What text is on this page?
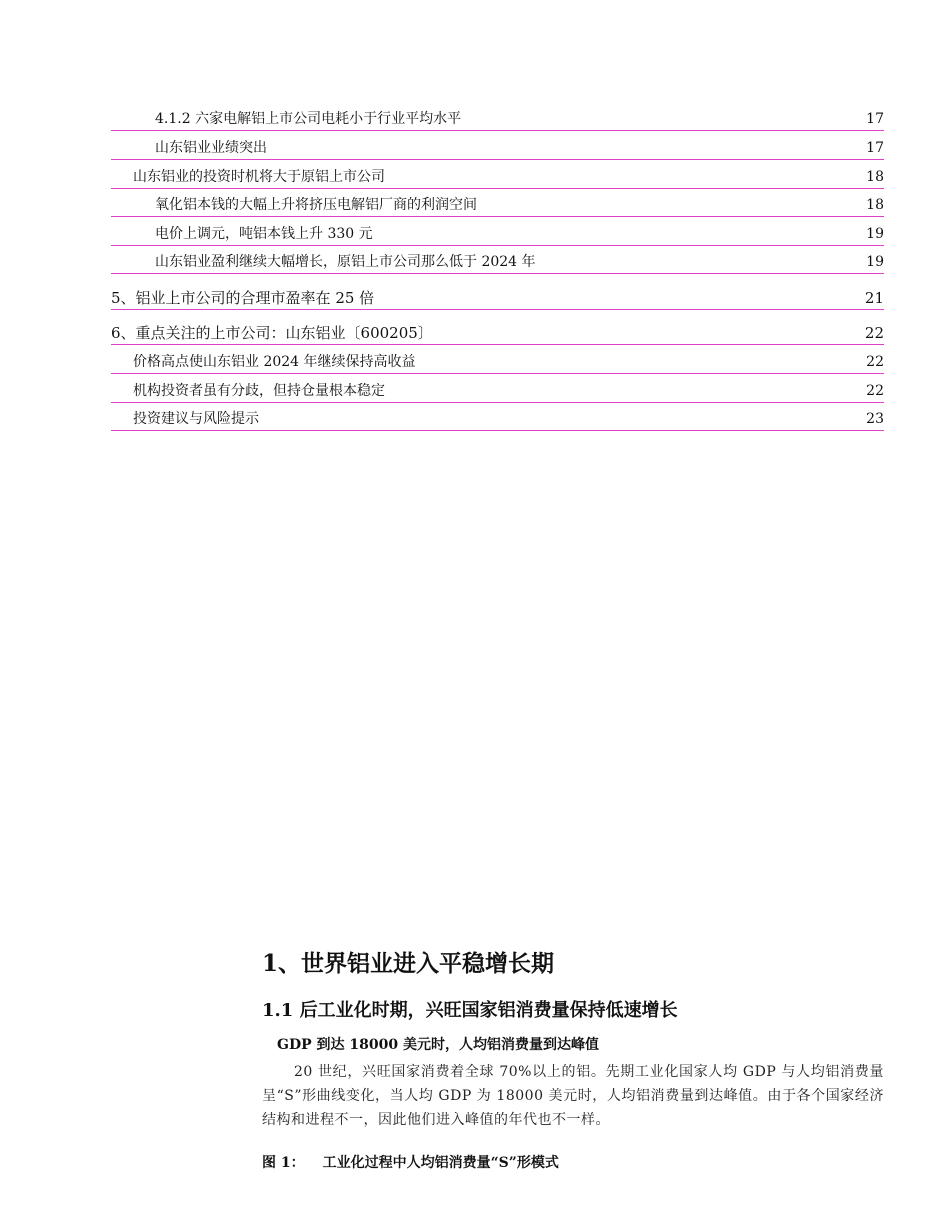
4.1.2 六家电解铝上市公司电耗小于行业平均水平	17
山东铝业业绩突出	17
山东铝业的投资时机将大于原铝上市公司	18
氧化铝本钱的大幅上升将挤压电解铝厂商的利润空间	18
电价上调元，吨铝本钱上升 330 元	19
山东铝业盈利继续大幅增长，原铝上市公司那么低于 2024 年	19
5、铝业上市公司的合理市盈率在 25 倍	21
6、重点关注的上市公司：山东铝业〔600205〕	22
价格高点使山东铝业 2024 年继续保持高收益	22
机构投资者虽有分歧，但持仓量根本稳定	22
投资建议与风险提示	23
1、世界铝业进入平稳增长期
1.1 后工业化时期，兴旺国家铝消费量保持低速增长
GDP 到达 18000 美元时，人均铝消费量到达峰值
20 世纪，兴旺国家消费着全球 70%以上的铝。先期工业化国家人均 GDP 与人均铝消费量呈“S”形曲线变化，当人均 GDP 为 18000 美元时，人均铝消费量到达峰值。由于各个国家经济结构和进程不一，因此他们进入峰值的年代也不一样。
图 1： 工业化过程中人均铝消费量“S”形模式
